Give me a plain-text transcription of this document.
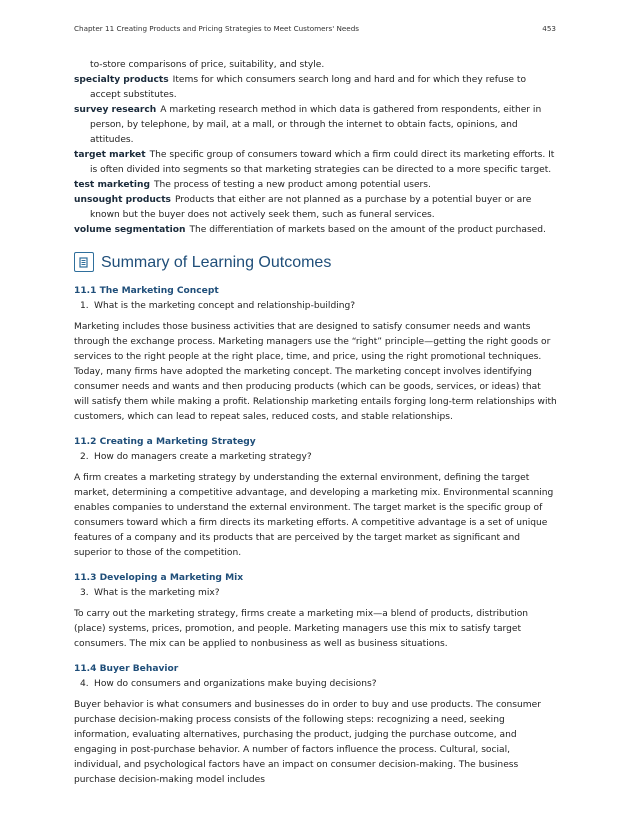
Chapter 11 Creating Products and Pricing Strategies to Meet Customers' Needs	453
to-store comparisons of price, suitability, and style.

specialty products Items for which consumers search long and hard and for which they refuse to accept substitutes.

survey research A marketing research method in which data is gathered from respondents, either in person, by telephone, by mail, at a mall, or through the internet to obtain facts, opinions, and attitudes.

target market The specific group of consumers toward which a firm could direct its marketing efforts. It is often divided into segments so that marketing strategies can be directed to a more specific target.

test marketing The process of testing a new product among potential users.

unsought products Products that either are not planned as a purchase by a potential buyer or are known but the buyer does not actively seek them, such as funeral services.

volume segmentation The differentiation of markets based on the amount of the product purchased.

Summary of Learning Outcomes

11.1 The Marketing Concept

1. What is the marketing concept and relationship-building?

Marketing includes those business activities that are designed to satisfy consumer needs and wants through the exchange process. Marketing managers use the “right” principle—getting the right goods or services to the right people at the right place, time, and price, using the right promotional techniques. Today, many firms have adopted the marketing concept. The marketing concept involves identifying consumer needs and wants and then producing products (which can be goods, services, or ideas) that will satisfy them while making a profit. Relationship marketing entails forging long-term relationships with customers, which can lead to repeat sales, reduced costs, and stable relationships.

11.2 Creating a Marketing Strategy

2. How do managers create a marketing strategy?

A firm creates a marketing strategy by understanding the external environment, defining the target market, determining a competitive advantage, and developing a marketing mix. Environmental scanning enables companies to understand the external environment. The target market is the specific group of consumers toward which a firm directs its marketing efforts. A competitive advantage is a set of unique features of a company and its products that are perceived by the target market as significant and superior to those of the competition.

11.3 Developing a Marketing Mix

3. What is the marketing mix?

To carry out the marketing strategy, firms create a marketing mix—a blend of products, distribution (place) systems, prices, promotion, and people. Marketing managers use this mix to satisfy target consumers. The mix can be applied to nonbusiness as well as business situations.

11.4 Buyer Behavior

4. How do consumers and organizations make buying decisions?

Buyer behavior is what consumers and businesses do in order to buy and use products. The consumer purchase decision-making process consists of the following steps: recognizing a need, seeking information, evaluating alternatives, purchasing the product, judging the purchase outcome, and engaging in post-purchase behavior. A number of factors influence the process. Cultural, social, individual, and psychological factors have an impact on consumer decision-making. The business purchase decision-making model includes
